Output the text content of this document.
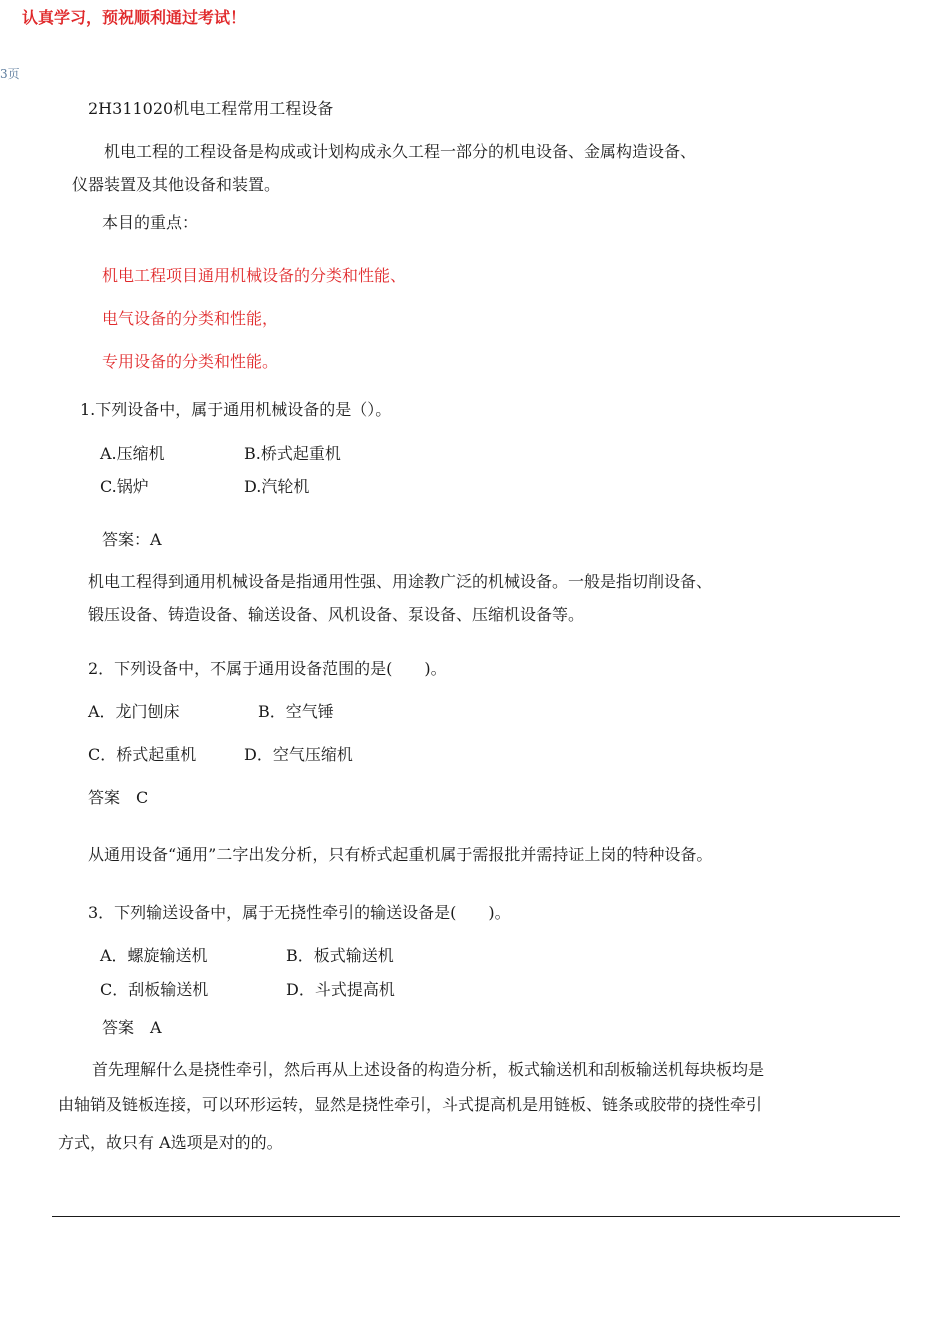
认真学习，预祝顺利通过考试！
3页
2H311020机电工程常用工程设备
机电工程的工程设备是构成或计划构成永久工程一部分的机电设备、金属构造设备、
仪器装置及其他设备和装置。
本目的重点：
机电工程项目通用机械设备的分类和性能、
电气设备的分类和性能，
专用设备的分类和性能。
1.下列设备中，属于通用机械设备的是（）。
A.压缩机	B.桥式起重机
C.锅炉	D.汽轮机
答案：A
机电工程得到通用机械设备是指通用性强、用途教广泛的机械设备。一般是指切削设备、
锻压设备、铸造设备、输送设备、风机设备、泵设备、压缩机设备等。
2．下列设备中，不属于通用设备范围的是(　　)。
A．龙门刨床	B．空气锤
C．桥式起重机	D．空气压缩机
答案　C
从通用设备“通用”二字出发分析，只有桥式起重机属于需报批并需持证上岗的特种设备。
3．下列输送设备中，属于无挠性牵引的输送设备是(　　)。
A．螺旋输送机	B．板式输送机
C．刮板输送机	D．斗式提高机
答案　A
首先理解什么是挠性牵引，然后再从上述设备的构造分析，板式输送机和刮板输送机每块板均是
由轴销及链板连接，可以环形运转，显然是挠性牵引，斗式提高机是用链板、链条或胶带的挠性牵引
方式，故只有 A选项是对的的。
